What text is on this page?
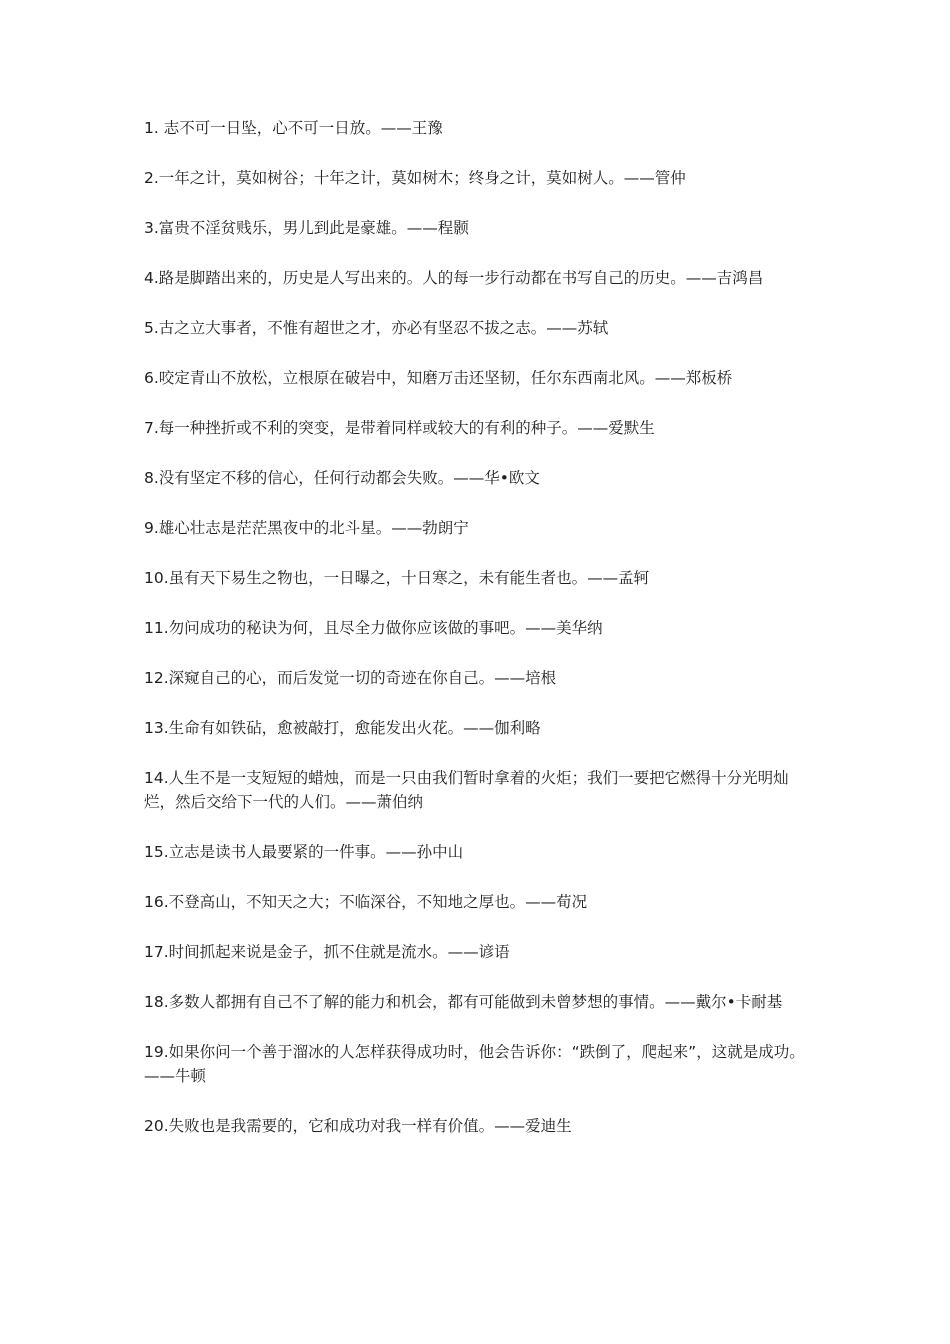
1. 志不可一日坠，心不可一日放。——王豫
2.一年之计，莫如树谷；十年之计，莫如树木；终身之计，莫如树人。——管仲
3.富贵不淫贫贱乐，男儿到此是豪雄。——程颢
4.路是脚踏出来的，历史是人写出来的。人的每一步行动都在书写自己的历史。——吉鸿昌
5.古之立大事者，不惟有超世之才，亦必有坚忍不拔之志。——苏轼
6.咬定青山不放松，立根原在破岩中，知磨万击还坚韧，任尔东西南北风。——郑板桥
7.每一种挫折或不利的突变，是带着同样或较大的有利的种子。——爱默生
8.没有坚定不移的信心，任何行动都会失败。——华•欧文
9.雄心壮志是茫茫黑夜中的北斗星。——勃朗宁
10.虽有天下易生之物也，一日曝之，十日寒之，未有能生者也。——孟轲
11.勿问成功的秘诀为何，且尽全力做你应该做的事吧。——美华纳
12.深窥自己的心，而后发觉一切的奇迹在你自己。——培根
13.生命有如铁砧，愈被敲打，愈能发出火花。——伽利略
14.人生不是一支短短的蜡烛，而是一只由我们暂时拿着的火炬；我们一要把它燃得十分光明灿烂，然后交给下一代的人们。——萧伯纳
15.立志是读书人最要紧的一件事。——孙中山
16.不登高山，不知天之大；不临深谷，不知地之厚也。——荀况
17.时间抓起来说是金子，抓不住就是流水。——谚语
18.多数人都拥有自己不了解的能力和机会，都有可能做到未曾梦想的事情。——戴尔•卡耐基
19.如果你问一个善于溜冰的人怎样获得成功时，他会告诉你：“跌倒了，爬起来”，这就是成功。——牛顿
20.失败也是我需要的，它和成功对我一样有价值。——爱迪生
